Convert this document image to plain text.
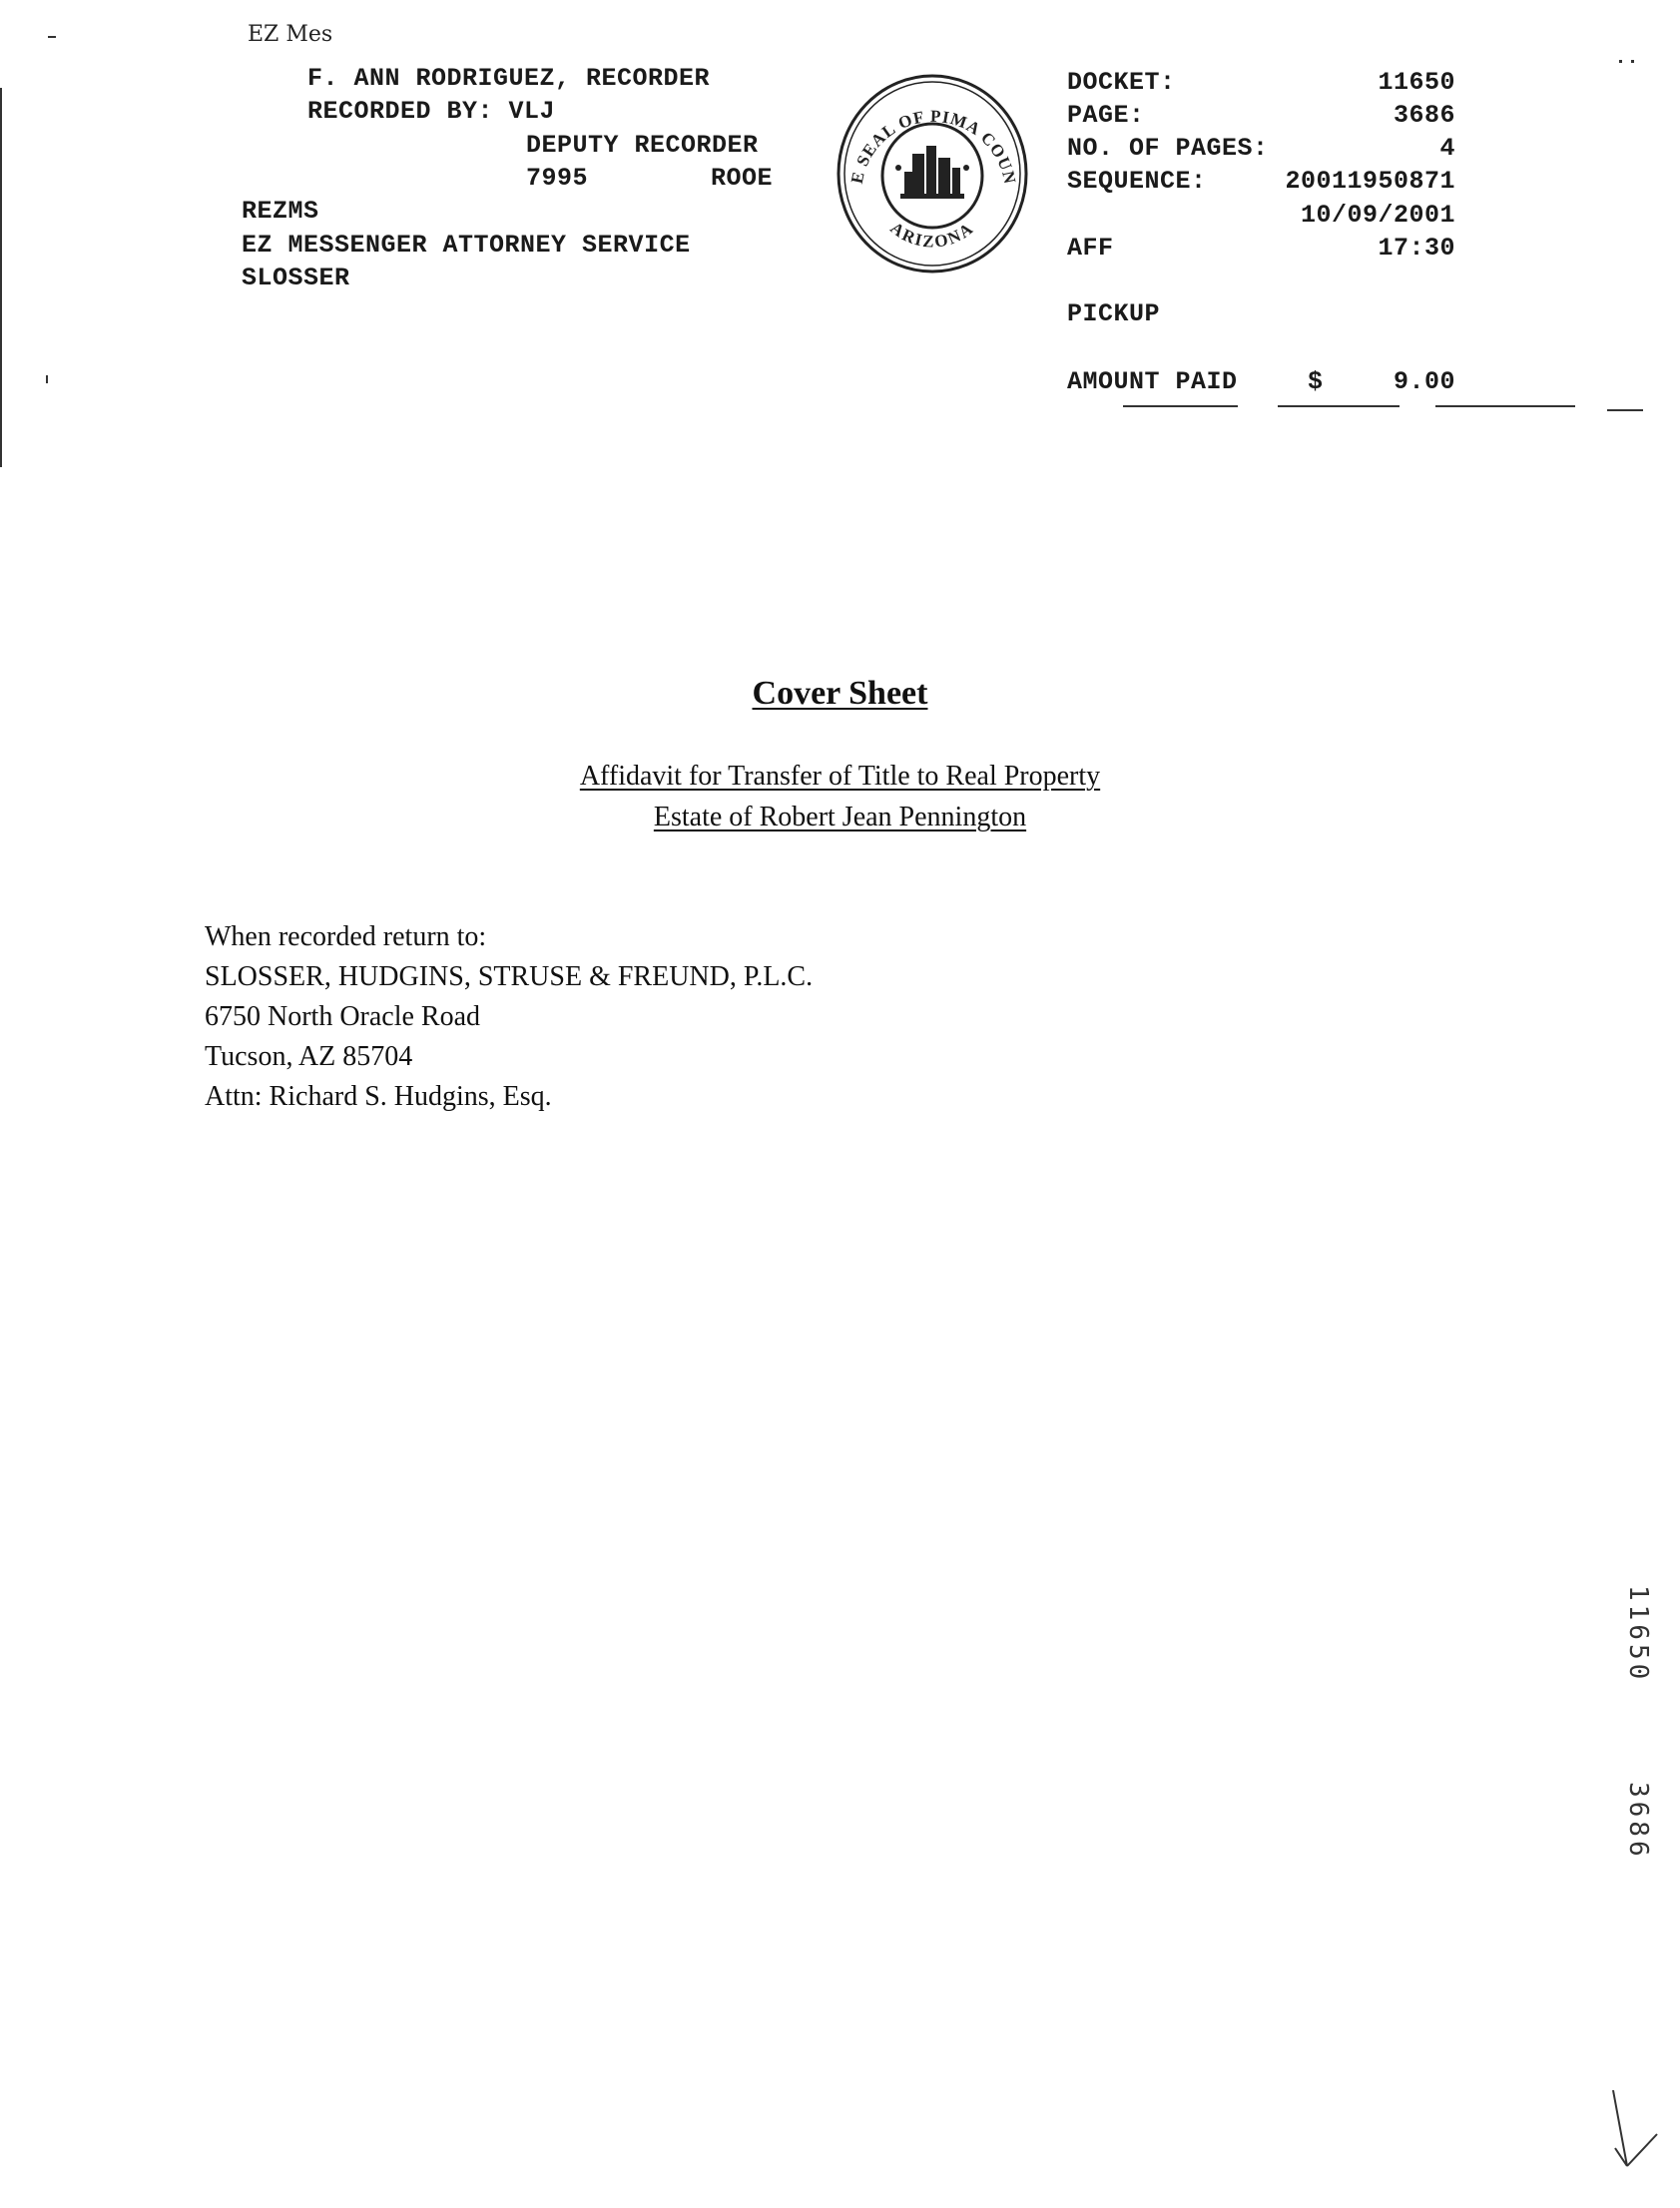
EZ Mes
F. ANN RODRIGUEZ, RECORDER
RECORDED BY: VLJ
DEPUTY RECORDER
7995	ROOE
REZMS
EZ MESSENGER ATTORNEY SERVICE
SLOSSER
E SEAL OF PIMA COUN
ARIZONA
DOCKET:	11650
PAGE:	3686
NO. OF PAGES:	4
SEQUENCE:	20011950871
10/09/2001
AFF	17:30
PICKUP
AMOUNT PAID	$	9.00
Cover Sheet
Affidavit for Transfer of Title to Real Property
Estate of Robert Jean Pennington
When recorded return to:
SLOSSER, HUDGINS, STRUSE & FREUND, P.L.C.
6750 North Oracle Road
Tucson, AZ 85704
Attn: Richard S. Hudgins, Esq.
11650
3686
